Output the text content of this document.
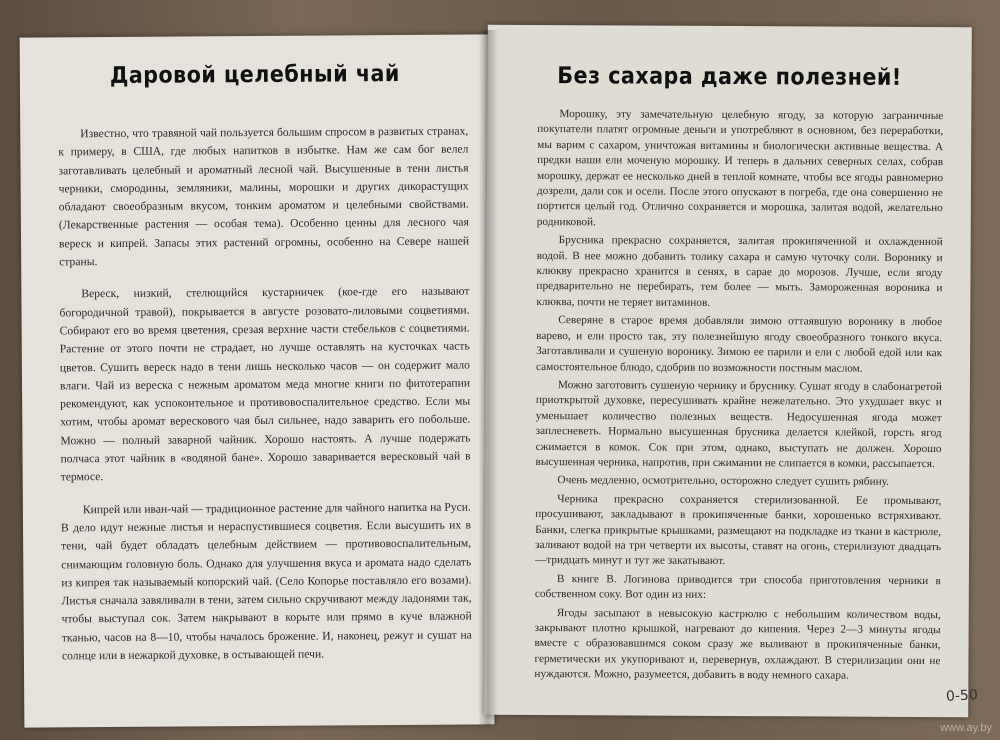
Даровой целебный чай

Известно, что травяной чай пользуется большим спросом в развитых странах, к примеру, в США, где любых напитков в избытке. Нам же сам бог велел заготавливать целебный и ароматный лесной чай. Высушенные в тени листья черники, смородины, земляники, малины, морошки и других дикорастущих обладают своеобразным вкусом, тонким ароматом и целебными свойствами. (Лекарственные растения — особая тема). Особенно ценны для лесного чая вереск и кипрей. Запасы этих растений огромны, особенно на Севере нашей страны.

Вереск, низкий, стелющийся кустарничек (кое-где его называют богородичной травой), покрывается в августе розовато-лиловыми соцветиями. Собирают его во время цветения, срезая верхние части стебельков с соцветиями. Растение от этого почти не страдает, но лучше оставлять на кусточках часть цветов. Сушить вереск надо в тени лишь несколько часов — он содержит мало влаги. Чай из вереска с нежным ароматом меда многие книги по фитотерапии рекомендуют, как успокоительное и противовоспалительное средство. Если мы хотим, чтобы аромат верескового чая был сильнее, надо заварить его побольше. Можно — полный заварной чайник. Хорошо настоять. А лучше подержать полчаса этот чайник в «водяной бане». Хорошо заваривается вересковый чай в термосе.

Кипрей или иван-чай — традиционное растение для чайного напитка на Руси. В дело идут нежные листья и нераспустившиеся соцветия. Если высушить их в тени, чай будет обладать целебным действием — противовоспалительным, снимающим головную боль. Однако для улучшения вкуса и аромата надо сделать из кипрея так называемый копорский чай. (Село Копорье поставляло его возами). Листья сначала завяливали в тени, затем сильно скручивают между ладонями так, чтобы выступал сок. Затем накрывают в корыте или прямо в куче влажной тканью, часов на 8—10, чтобы началось брожение. И, наконец, режут и сушат на солнце или в нежаркой духовке, в остывающей печи.

Без сахара даже полезней!

Морошку, эту замечательную целебную ягоду, за которую заграничные покупатели платят огромные деньги и употребляют в основном, без переработки, мы варим с сахаром, уничтожая витамины и биологически активные вещества. А предки наши ели моченую морошку. И теперь в дальних северных селах, собрав морошку, держат ее несколько дней в теплой комнате, чтобы все ягоды равномерно дозрели, дали сок и осели. После этого опускают в погреба, где она совершенно не портится целый год. Отлично сохраняется и морошка, залитая водой, желательно родниковой.

Брусника прекрасно сохраняется, залитая прокипяченной и охлажденной водой. В нее можно добавить толику сахара и самую чуточку соли. Воронику и клюкву прекрасно хранится в сенях, в сарае до морозов. Лучше, если ягоду предварительно не перебирать, тем более — мыть. Замороженная вороника и клюква, почти не теряет витаминов.

Северяне в старое время добавляли зимою оттаявшую воронику в любое варево, и ели просто так, эту полезнейшую ягоду своеобразного тонкого вкуса. Заготавливали и сушеную воронику. Зимою ее парили и ели с любой едой или как самостоятельное блюдо, сдобрив по возможности постным маслом.

Можно заготовить сушеную чернику и бруснику. Сушат ягоду в слабонагретой приоткрытой духовке, пересушивать крайне нежелательно. Это ухудшает вкус и уменьшает количество полезных веществ. Недосушенная ягода может заплесневеть. Нормально высушенная брусника делается клейкой, горсть ягод сжимается в комок. Сок при этом, однако, выступать не должен. Хорошо высушенная черника, напротив, при сжимании не слипается в комки, рассыпается.

Очень медленно, осмотрительно, осторожно следует сушить рябину.

Черника прекрасно сохраняется стерилизованной. Ее промывают, просушивают, закладывают в прокипяченные банки, хорошенько встряхивают. Банки, слегка прикрытые крышками, размещают на подкладке из ткани в кастрюле, заливают водой на три четверти их высоты, ставят на огонь, стерилизуют двадцать—тридцать минут и тут же закатывают.

В книге В. Логинова приводится три способа приготовления черники в собственном соку. Вот один из них:

Ягоды засыпают в невысокую кастрюлю с небольшим количеством воды, закрывают плотно крышкой, нагревают до кипения. Через 2—3 минуты ягоды вместе с образовавшимся соком сразу же выливают в прокипяченные банки, герметически их укупоривают и, перевернув, охлаждают. В стерилизации они не нуждаются. Можно, разумеется, добавить в воду немного сахара.

0-50
www.ay.by
